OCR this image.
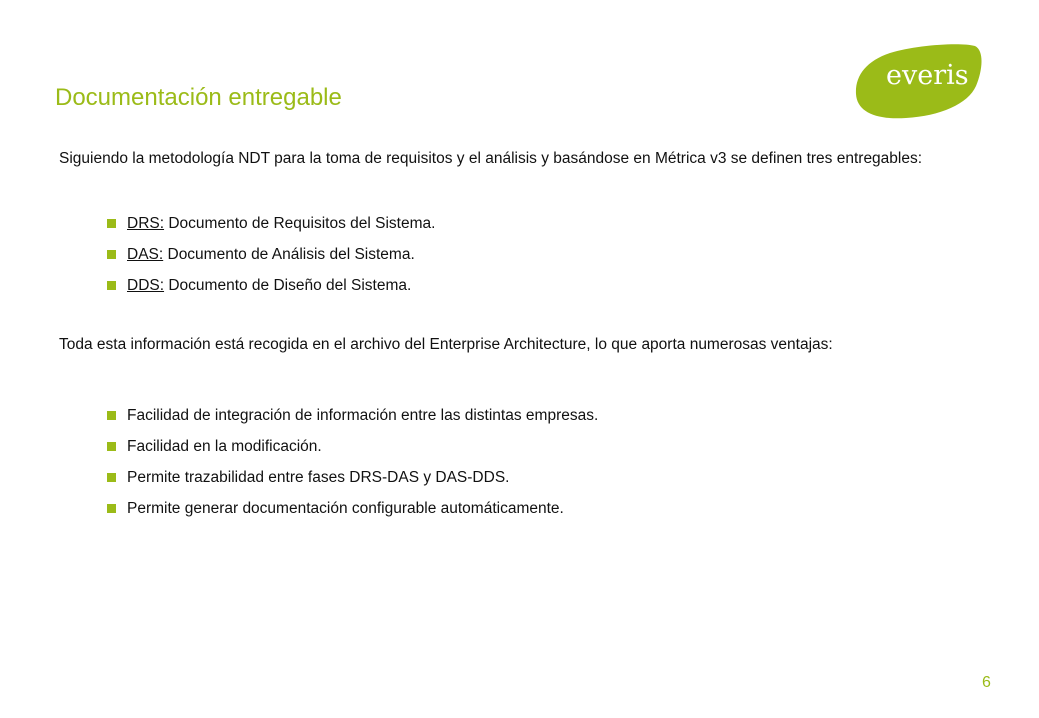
Documentación entregable
everis

Siguiendo la metodología NDT para la toma de requisitos y el análisis y basándose en Métrica v3 se definen tres entregables:

DRS: Documento de Requisitos del Sistema.
DAS: Documento de Análisis del Sistema.
DDS: Documento de Diseño del Sistema.

Toda esta información está recogida en el archivo del Enterprise Architecture, lo que aporta numerosas ventajas:

Facilidad de integración de información entre las distintas empresas.
Facilidad en la modificación.
Permite trazabilidad entre fases DRS-DAS y DAS-DDS.
Permite generar documentación configurable automáticamente.
6
